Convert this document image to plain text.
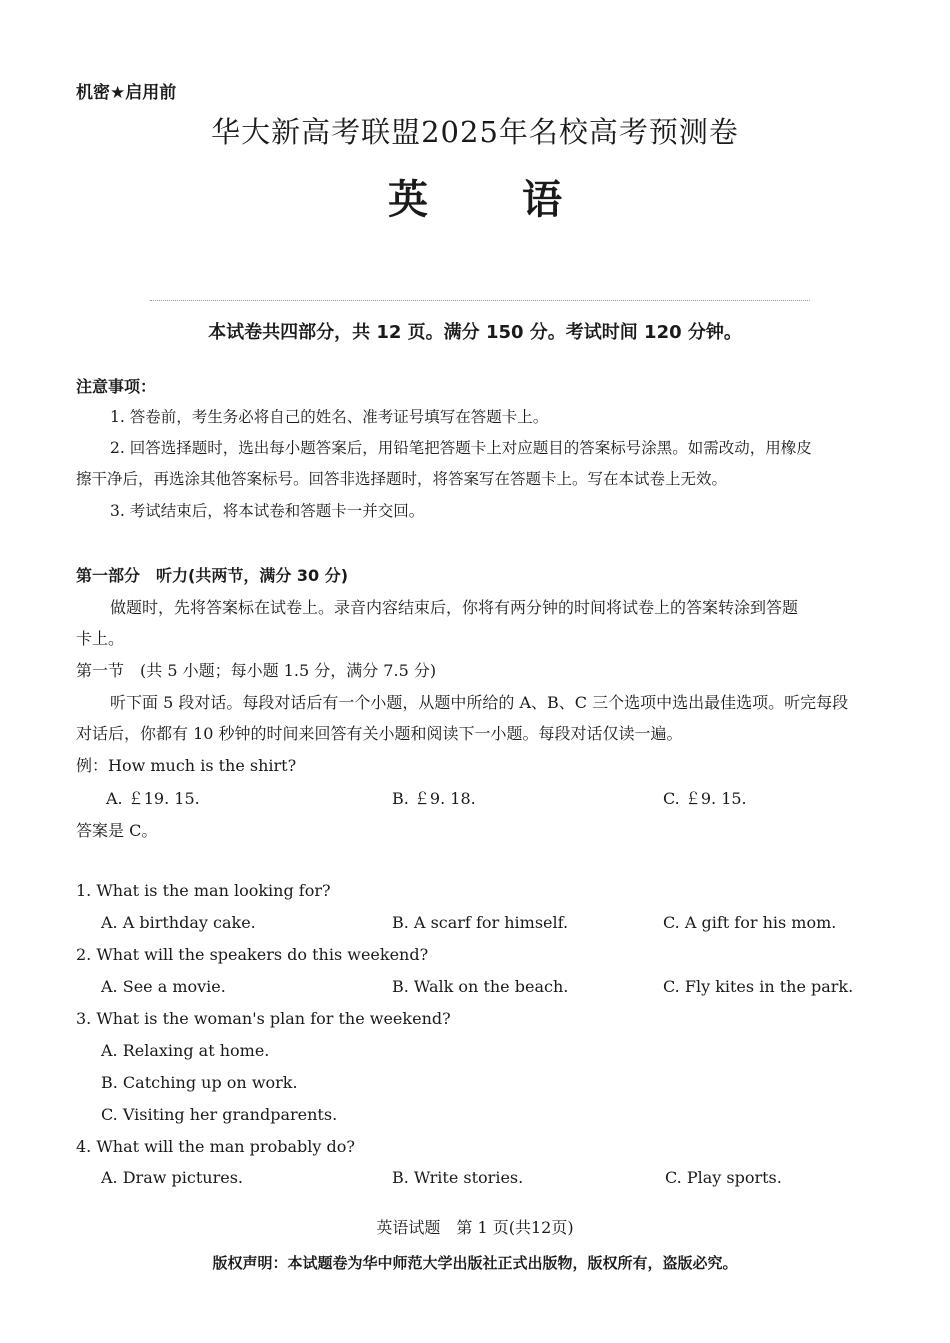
机密★启用前
华大新高考联盟2025年名校高考预测卷
英 语
本试卷共四部分，共 12 页。满分 150 分。考试时间 120 分钟。
注意事项：
1. 答卷前，考生务必将自己的姓名、准考证号填写在答题卡上。
2. 回答选择题时，选出每小题答案后，用铅笔把答题卡上对应题目的答案标号涂黑。如需改动，用橡皮
擦干净后，再选涂其他答案标号。回答非选择题时，将答案写在答题卡上。写在本试卷上无效。
3. 考试结束后，将本试卷和答题卡一并交回。
第一部分　听力(共两节，满分 30 分)
做题时，先将答案标在试卷上。录音内容结束后，你将有两分钟的时间将试卷上的答案转涂到答题
卡上。
第一节　(共 5 小题；每小题 1.5 分，满分 7.5 分)
听下面 5 段对话。每段对话后有一个小题，从题中所给的 A、B、C 三个选项中选出最佳选项。听完每段
对话后，你都有 10 秒钟的时间来回答有关小题和阅读下一小题。每段对话仅读一遍。
例：How much is the shirt?
A. ￡19. 15.	B. ￡9. 18.	C. ￡9. 15.
答案是 C。
1. What is the man looking for?
A. A birthday cake.	B. A scarf for himself.	C. A gift for his mom.
2. What will the speakers do this weekend?
A. See a movie.	B. Walk on the beach.	C. Fly kites in the park.
3. What is the woman's plan for the weekend?
A. Relaxing at home.
B. Catching up on work.
C. Visiting her grandparents.
4. What will the man probably do?
A. Draw pictures.	B. Write stories.	C. Play sports.
英语试题　第 1 页(共12页)
版权声明：本试题卷为华中师范大学出版社正式出版物，版权所有，盗版必究。
